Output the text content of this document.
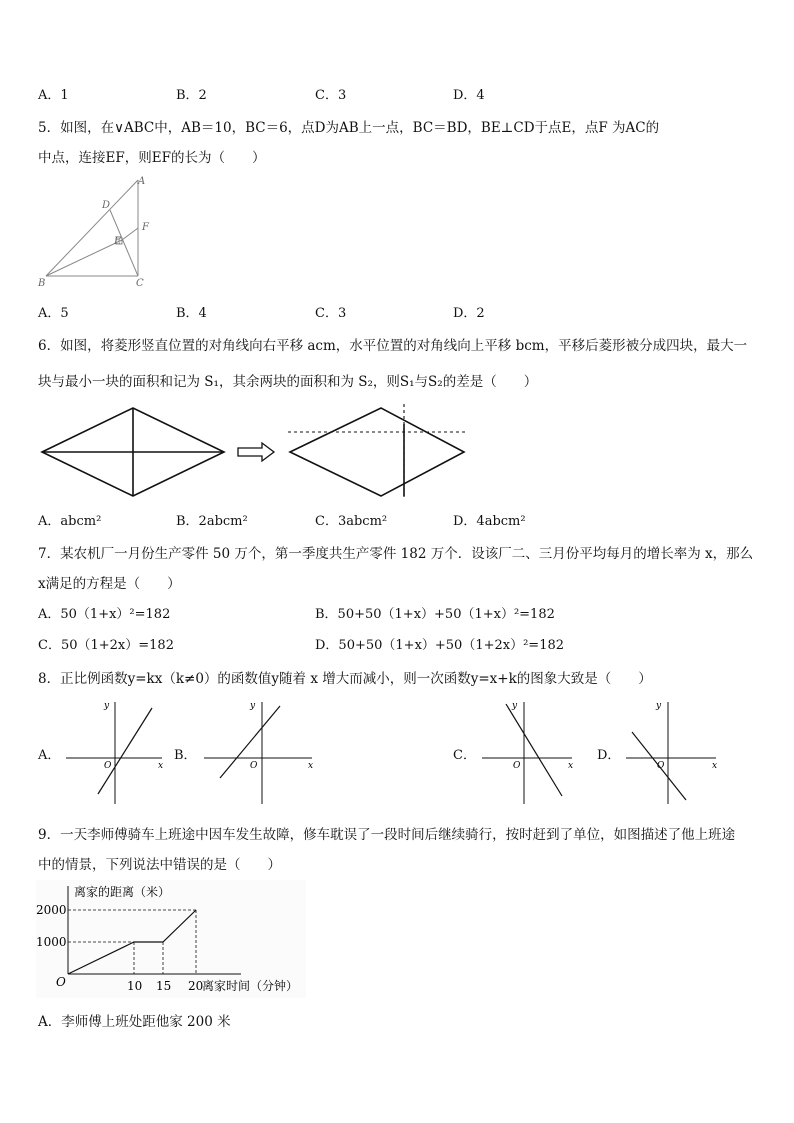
A．1	B．2	C．3	D．4
5．如图，在∨ABC中，AB＝10，BC＝6，点D为AB上一点，BC＝BD，BE⊥CD于点E，点F 为AC的
中点，连接EF，则EF的长为（　　）
A
D
E
F
B	C
A．5	B．4	C．3	D．2
6．如图，将菱形竖直位置的对角线向右平移 acm，水平位置的对角线向上平移 bcm，平移后菱形被分成四块，最大一
块与最小一块的面积和记为 S₁，其余两块的面积和为 S₂，则S₁与S₂的差是（　　）
A．abcm²	B．2abcm²	C．3abcm²	D．4abcm²
7．某农机厂一月份生产零件 50 万个，第一季度共生产零件 182 万个．设该厂二、三月份平均每月的增长率为 x，那么
x满足的方程是（　　）
A．50（1+x）²=182	B．50+50（1+x）+50（1+x）²=182
C．50（1+2x）=182	D．50+50（1+x）+50（1+2x）²=182
8．正比例函数y=kx（k≠0）的函数值y随着 x 增大而减小，则一次函数y=x+k的图象大致是（　　）
A．	B．	C．	D．
y
x
O
y
x
O
y
x
O
y
x
O
9．一天李师傅骑车上班途中因车发生故障，修车耽误了一段时间后继续骑行，按时赶到了单位，如图描述了他上班途
中的情景，下列说法中错误的是（　　）
离家的距离（米）
2000
1000
O	10 15 20
离家时间（分钟）
A．李师傅上班处距他家 200 米
